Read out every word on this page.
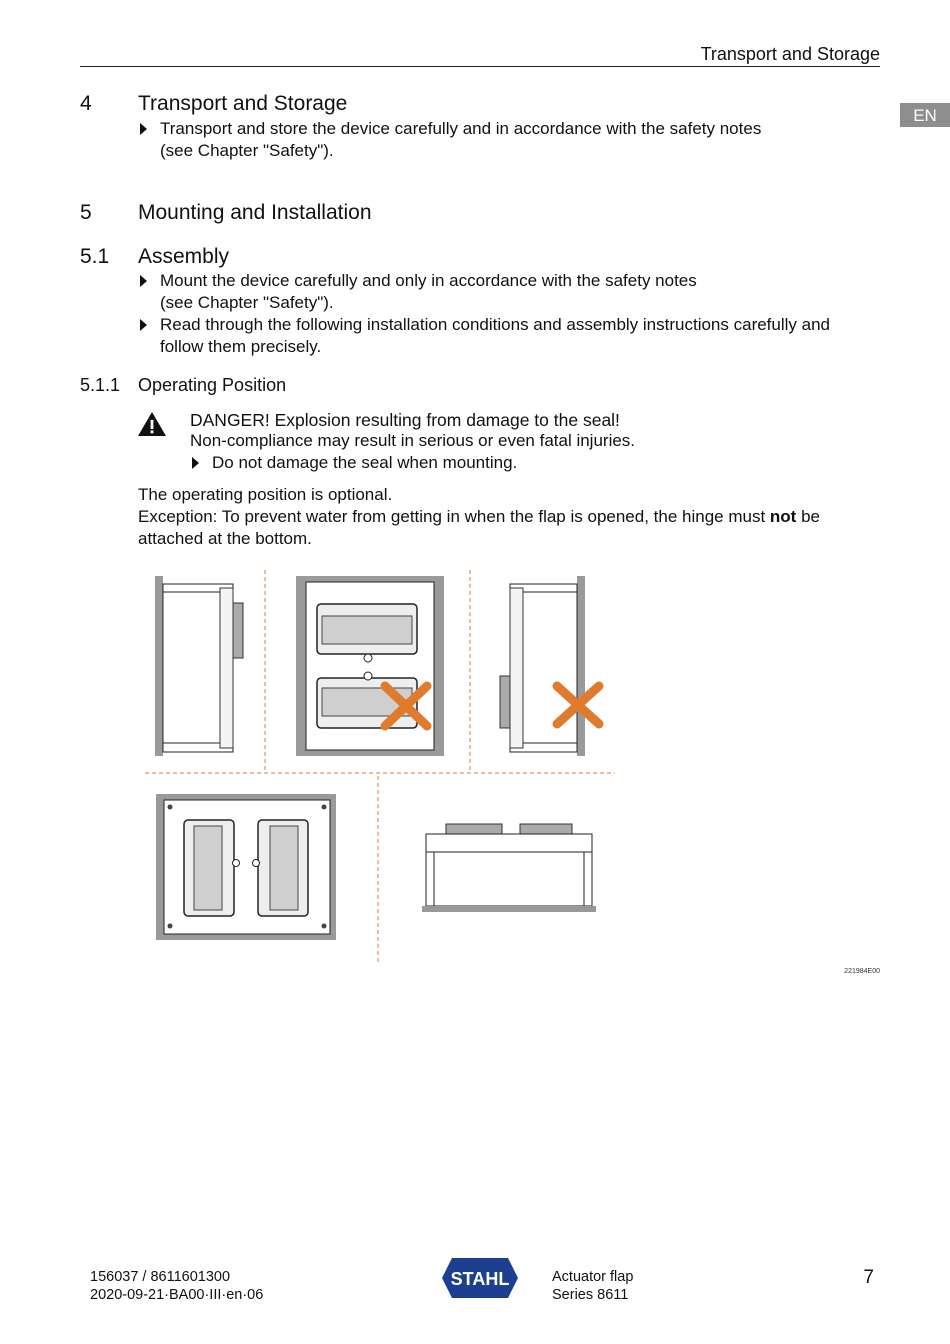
Transport and Storage
EN
4 Transport and Storage
Transport and store the device carefully and in accordance with the safety notes
(see Chapter "Safety").
5 Mounting and Installation
5.1 Assembly
Mount the device carefully and only in accordance with the safety notes
(see Chapter "Safety").
Read through the following installation conditions and assembly instructions carefully and
follow them precisely.
5.1.1 Operating Position
DANGER! Explosion resulting from damage to the seal!
Non-compliance may result in serious or even fatal injuries.
Do not damage the seal when mounting.
The operating position is optional.
Exception: To prevent water from getting in when the flap is opened, the hinge must not be
attached at the bottom.
221984E00
156037 / 8611601300
2020-09-21·BA00·III·en·06
STAHL	Actuator flap
Series 8611
7
